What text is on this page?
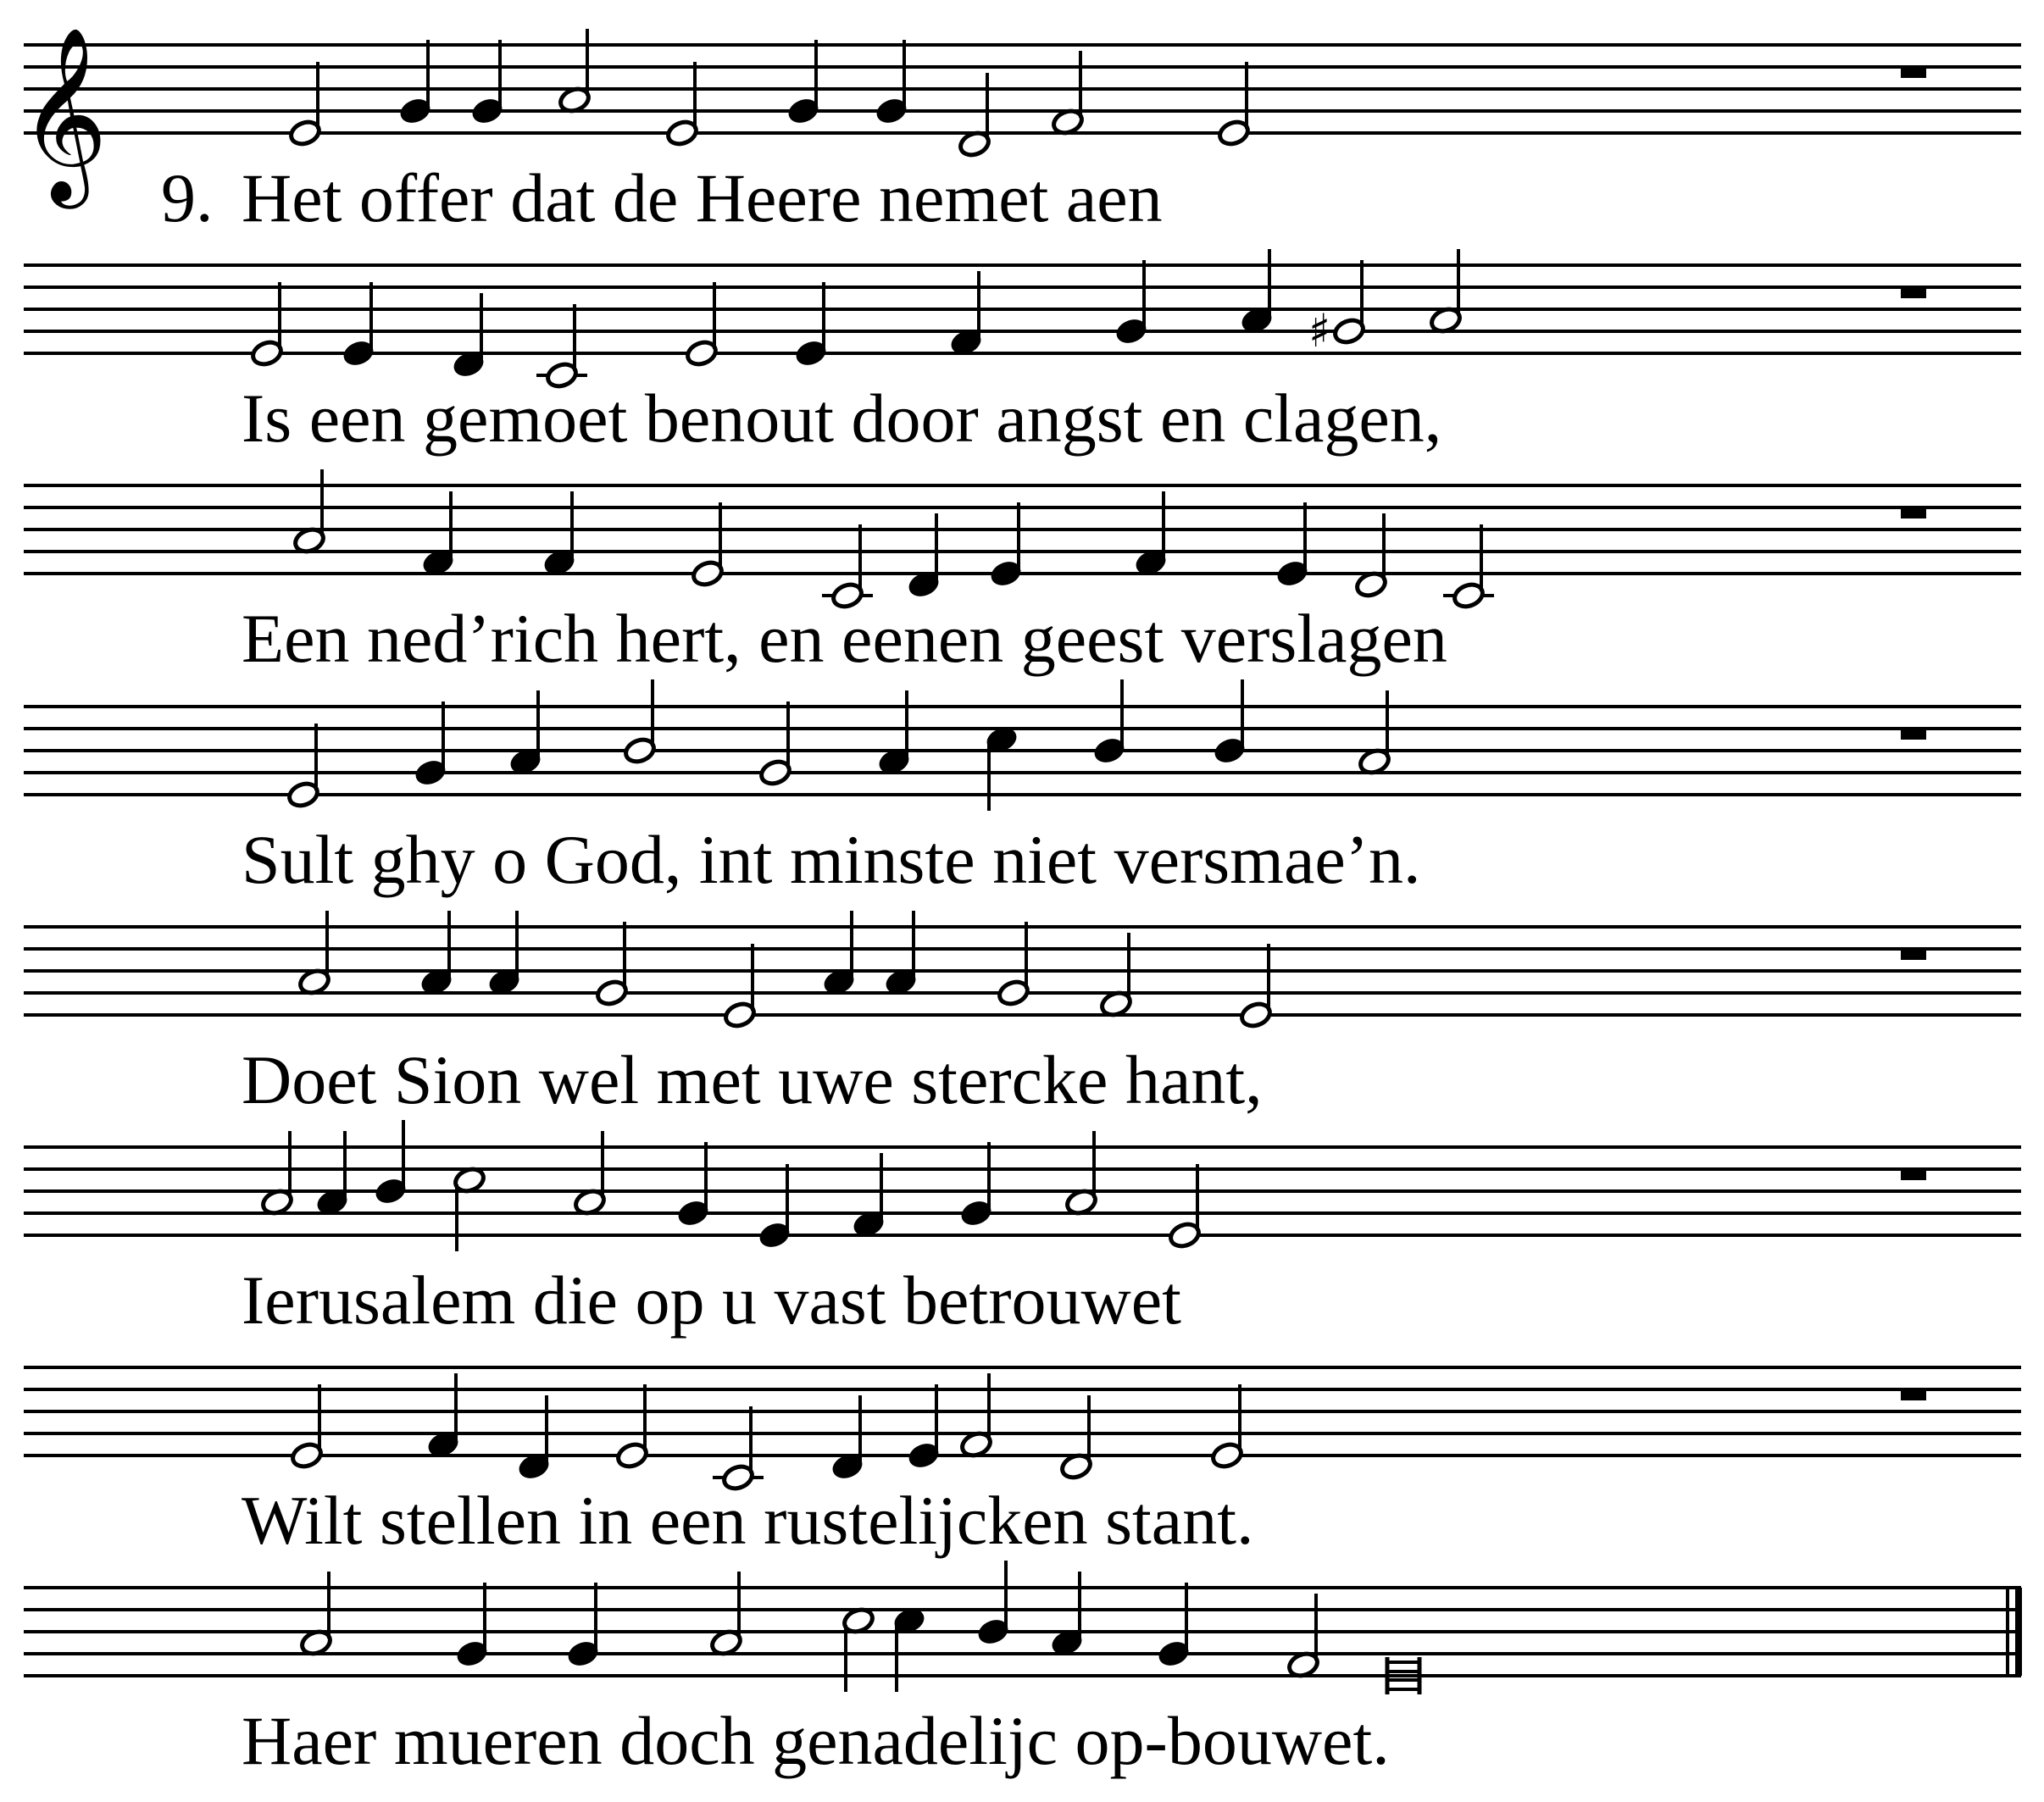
𝄞
♯
Het offer dat de Heere nemet aen
9.
Is een gemoet benout door angst en clagen,
Een ned’rich hert, en eenen geest verslagen
Sult ghy o God, int minste niet versmae’n.
Doet Sion wel met uwe stercke hant,
Ierusalem die op u vast betrouwet
Wilt stellen in een rustelijcken stant.
Haer mueren doch genadelijc op-bouwet.
